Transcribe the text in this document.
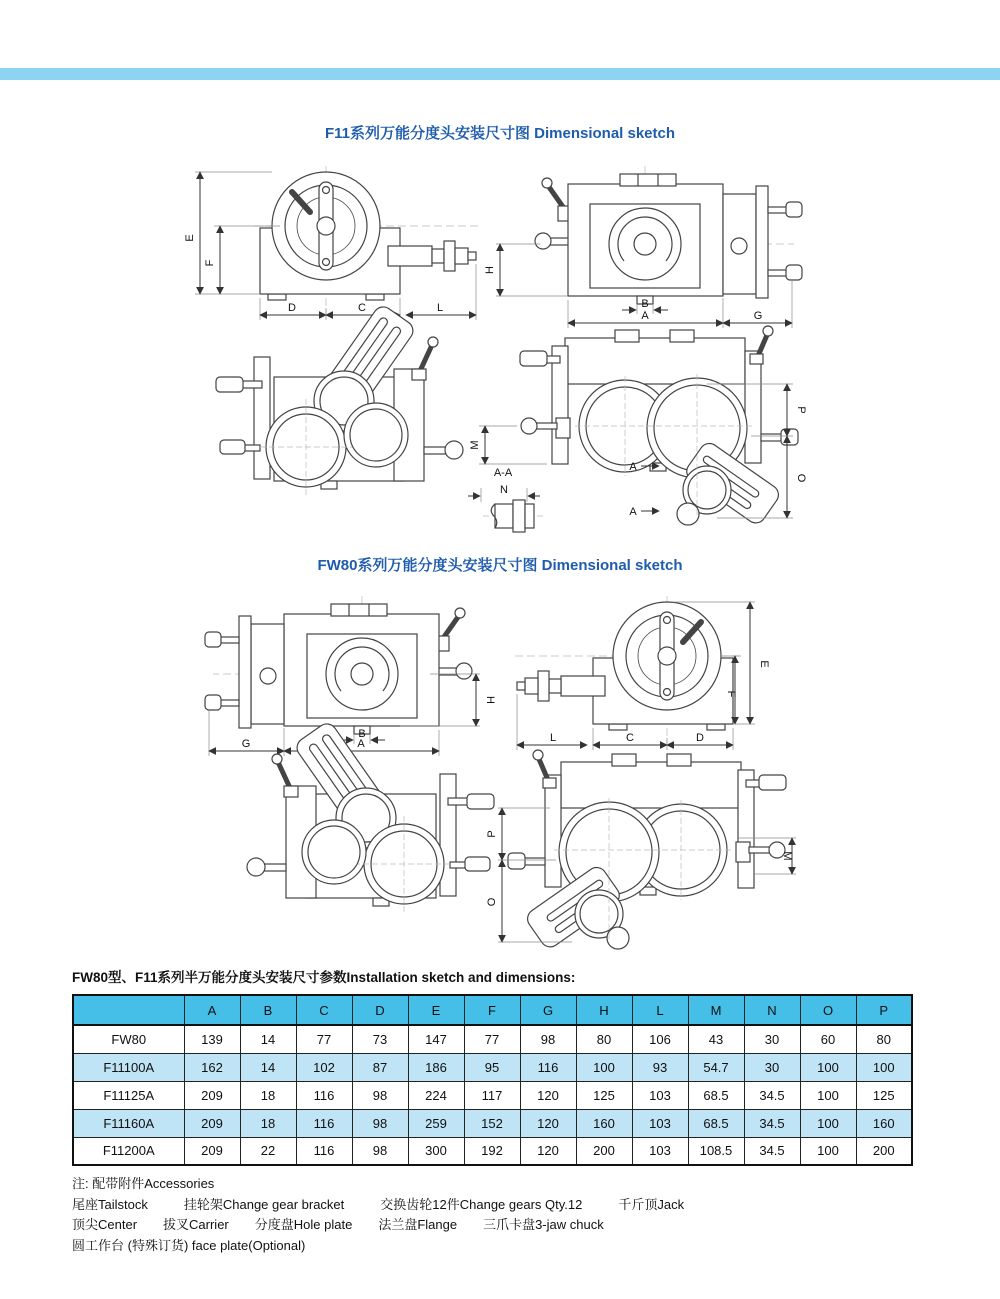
F11系列万能分度头安装尺寸图 Dimensional sketch
E
F
D	C	L
H
B
A	G
M
P
O
A
A
A-A
N
FW80系列万能分度头安装尺寸图 Dimensional sketch
H
B
G	A
E
F
L	C	D
P
O
M
FW80型、F11系列半万能分度头安装尺寸参数Installation sketch and dimensions:
	A	B	C	D	E	F	G	H	L	M	N	O	P
FW80	139	14	77	73	147	77	98	80	106	43	30	60	80
F11100A	162	14	102	87	186	95	116	100	93	54.7	30	100	100
F11125A	209	18	116	98	224	117	120	125	103	68.5	34.5	100	125
F11160A	209	18	116	98	259	152	120	160	103	68.5	34.5	100	160
F11200A	209	22	116	98	300	192	120	200	103	108.5	34.5	100	200
注: 配带附件Accessories
尾座Tailstock	挂轮架Change gear bracket	交换齿轮12件Change gears Qty.12	千斤顶Jack
顶尖Center 拔叉Carrier 分度盘Hole plate 法兰盘Flange 三爪卡盘3-jaw chuck
圆工作台 (特殊订货) face plate(Optional)
